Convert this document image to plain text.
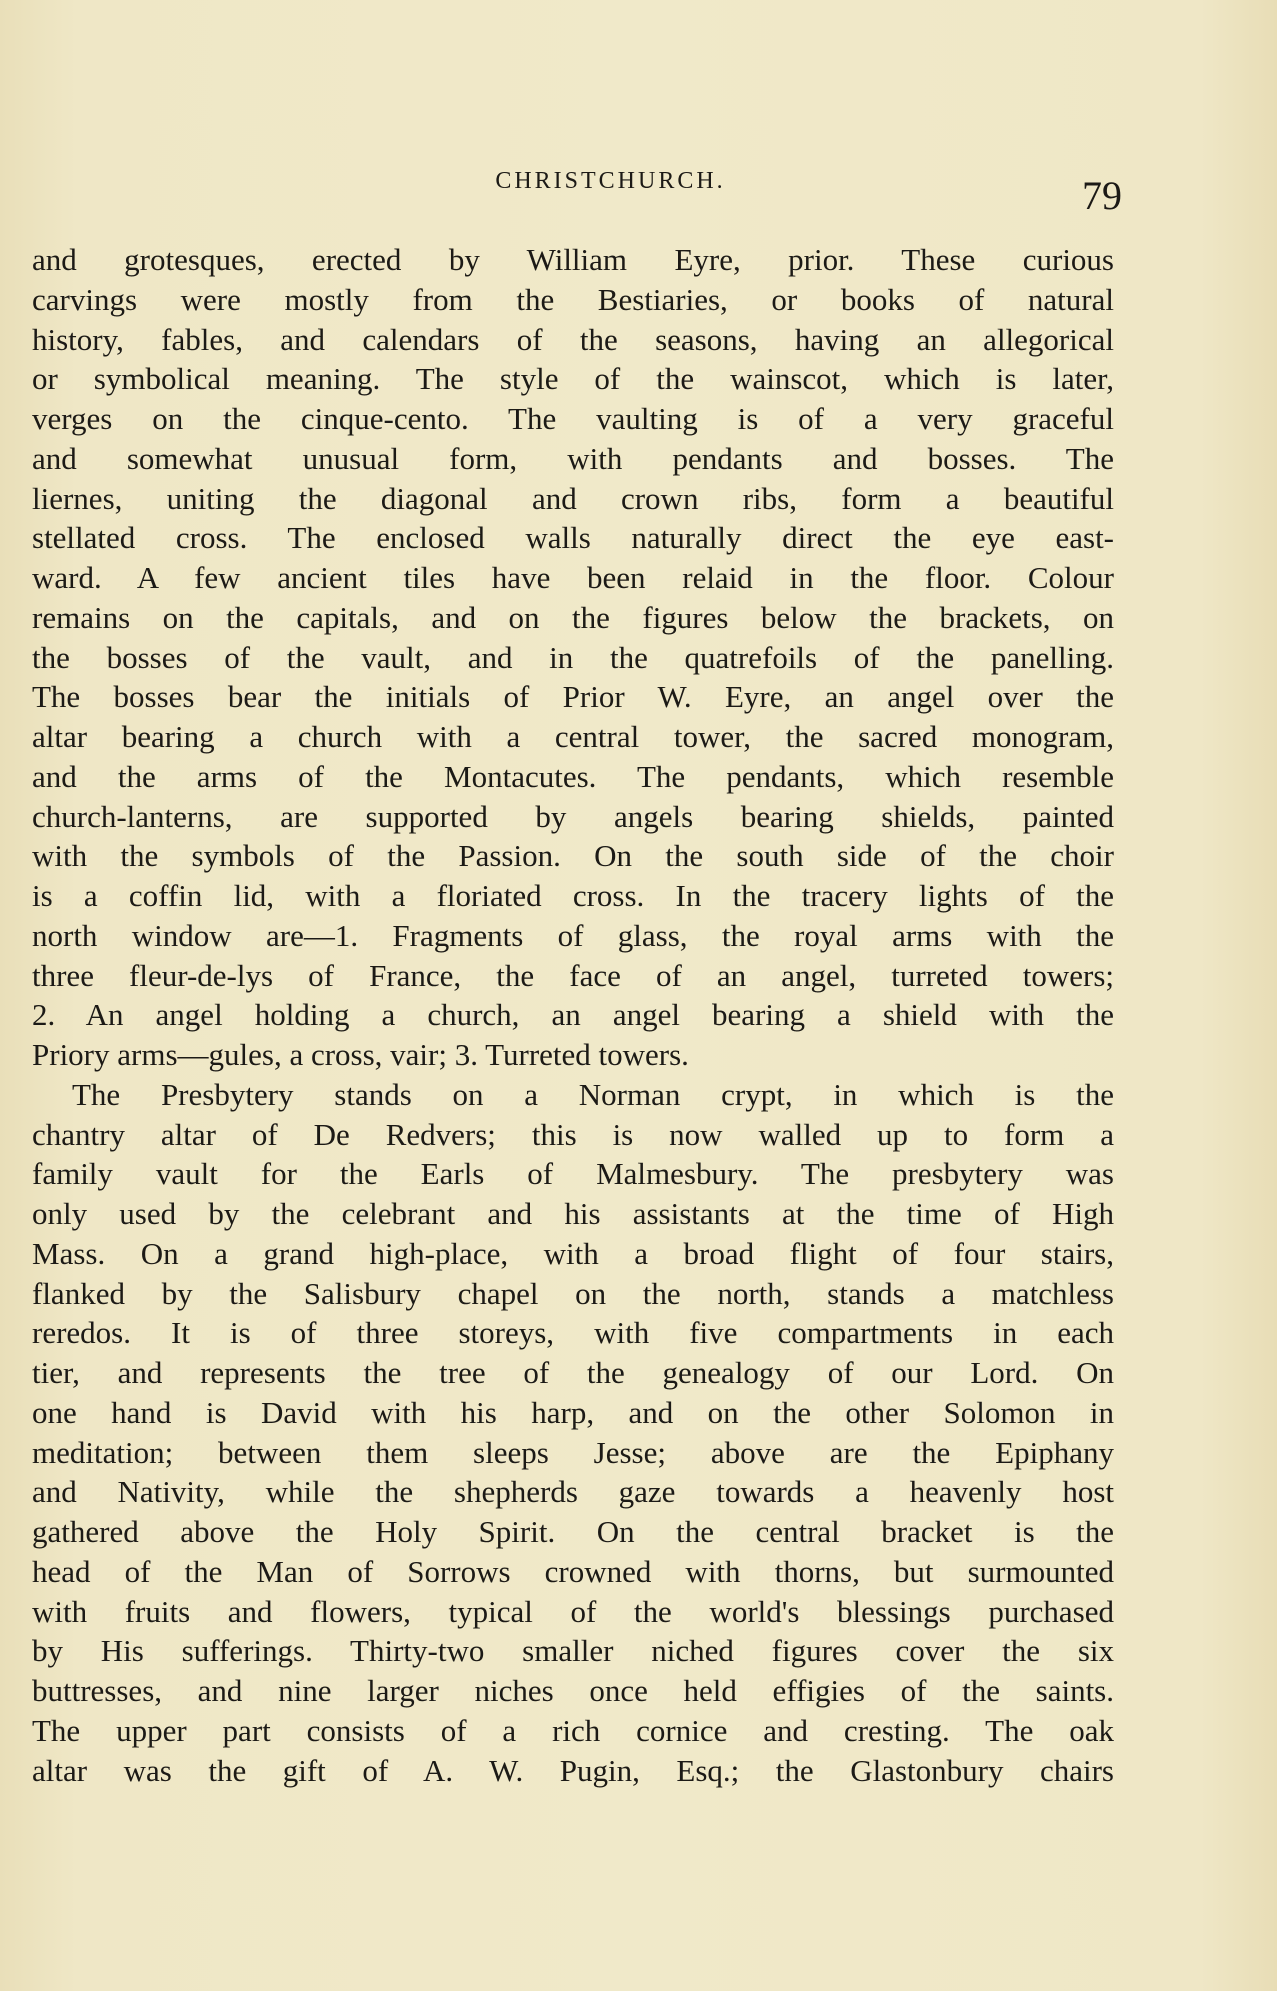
CHRISTCHURCH.	79
and grotesques, erected by William Eyre, prior. These curious
carvings were mostly from the Bestiaries, or books of natural
history, fables, and calendars of the seasons, having an allegorical
or symbolical meaning. The style of the wainscot, which is later,
verges on the cinque-cento. The vaulting is of a very graceful
and somewhat unusual form, with pendants and bosses. The
liernes, uniting the diagonal and crown ribs, form a beautiful
stellated cross. The enclosed walls naturally direct the eye east-
ward. A few ancient tiles have been relaid in the floor. Colour
remains on the capitals, and on the figures below the brackets, on
the bosses of the vault, and in the quatrefoils of the panelling.
The bosses bear the initials of Prior W. Eyre, an angel over the
altar bearing a church with a central tower, the sacred monogram,
and the arms of the Montacutes. The pendants, which resemble
church-lanterns, are supported by angels bearing shields, painted
with the symbols of the Passion. On the south side of the choir
is a coffin lid, with a floriated cross. In the tracery lights of the
north window are—1. Fragments of glass, the royal arms with the
three fleur-de-lys of France, the face of an angel, turreted towers;
2. An angel holding a church, an angel bearing a shield with the
Priory arms—gules, a cross, vair; 3. Turreted towers.
The Presbytery stands on a Norman crypt, in which is the
chantry altar of De Redvers; this is now walled up to form a
family vault for the Earls of Malmesbury. The presbytery was
only used by the celebrant and his assistants at the time of High
Mass. On a grand high-place, with a broad flight of four stairs,
flanked by the Salisbury chapel on the north, stands a matchless
reredos. It is of three storeys, with five compartments in each
tier, and represents the tree of the genealogy of our Lord. On
one hand is David with his harp, and on the other Solomon in
meditation; between them sleeps Jesse; above are the Epiphany
and Nativity, while the shepherds gaze towards a heavenly host
gathered above the Holy Spirit. On the central bracket is the
head of the Man of Sorrows crowned with thorns, but surmounted
with fruits and flowers, typical of the world's blessings purchased
by His sufferings. Thirty-two smaller niched figures cover the six
buttresses, and nine larger niches once held effigies of the saints.
The upper part consists of a rich cornice and cresting. The oak
altar was the gift of A. W. Pugin, Esq.; the Glastonbury chairs
